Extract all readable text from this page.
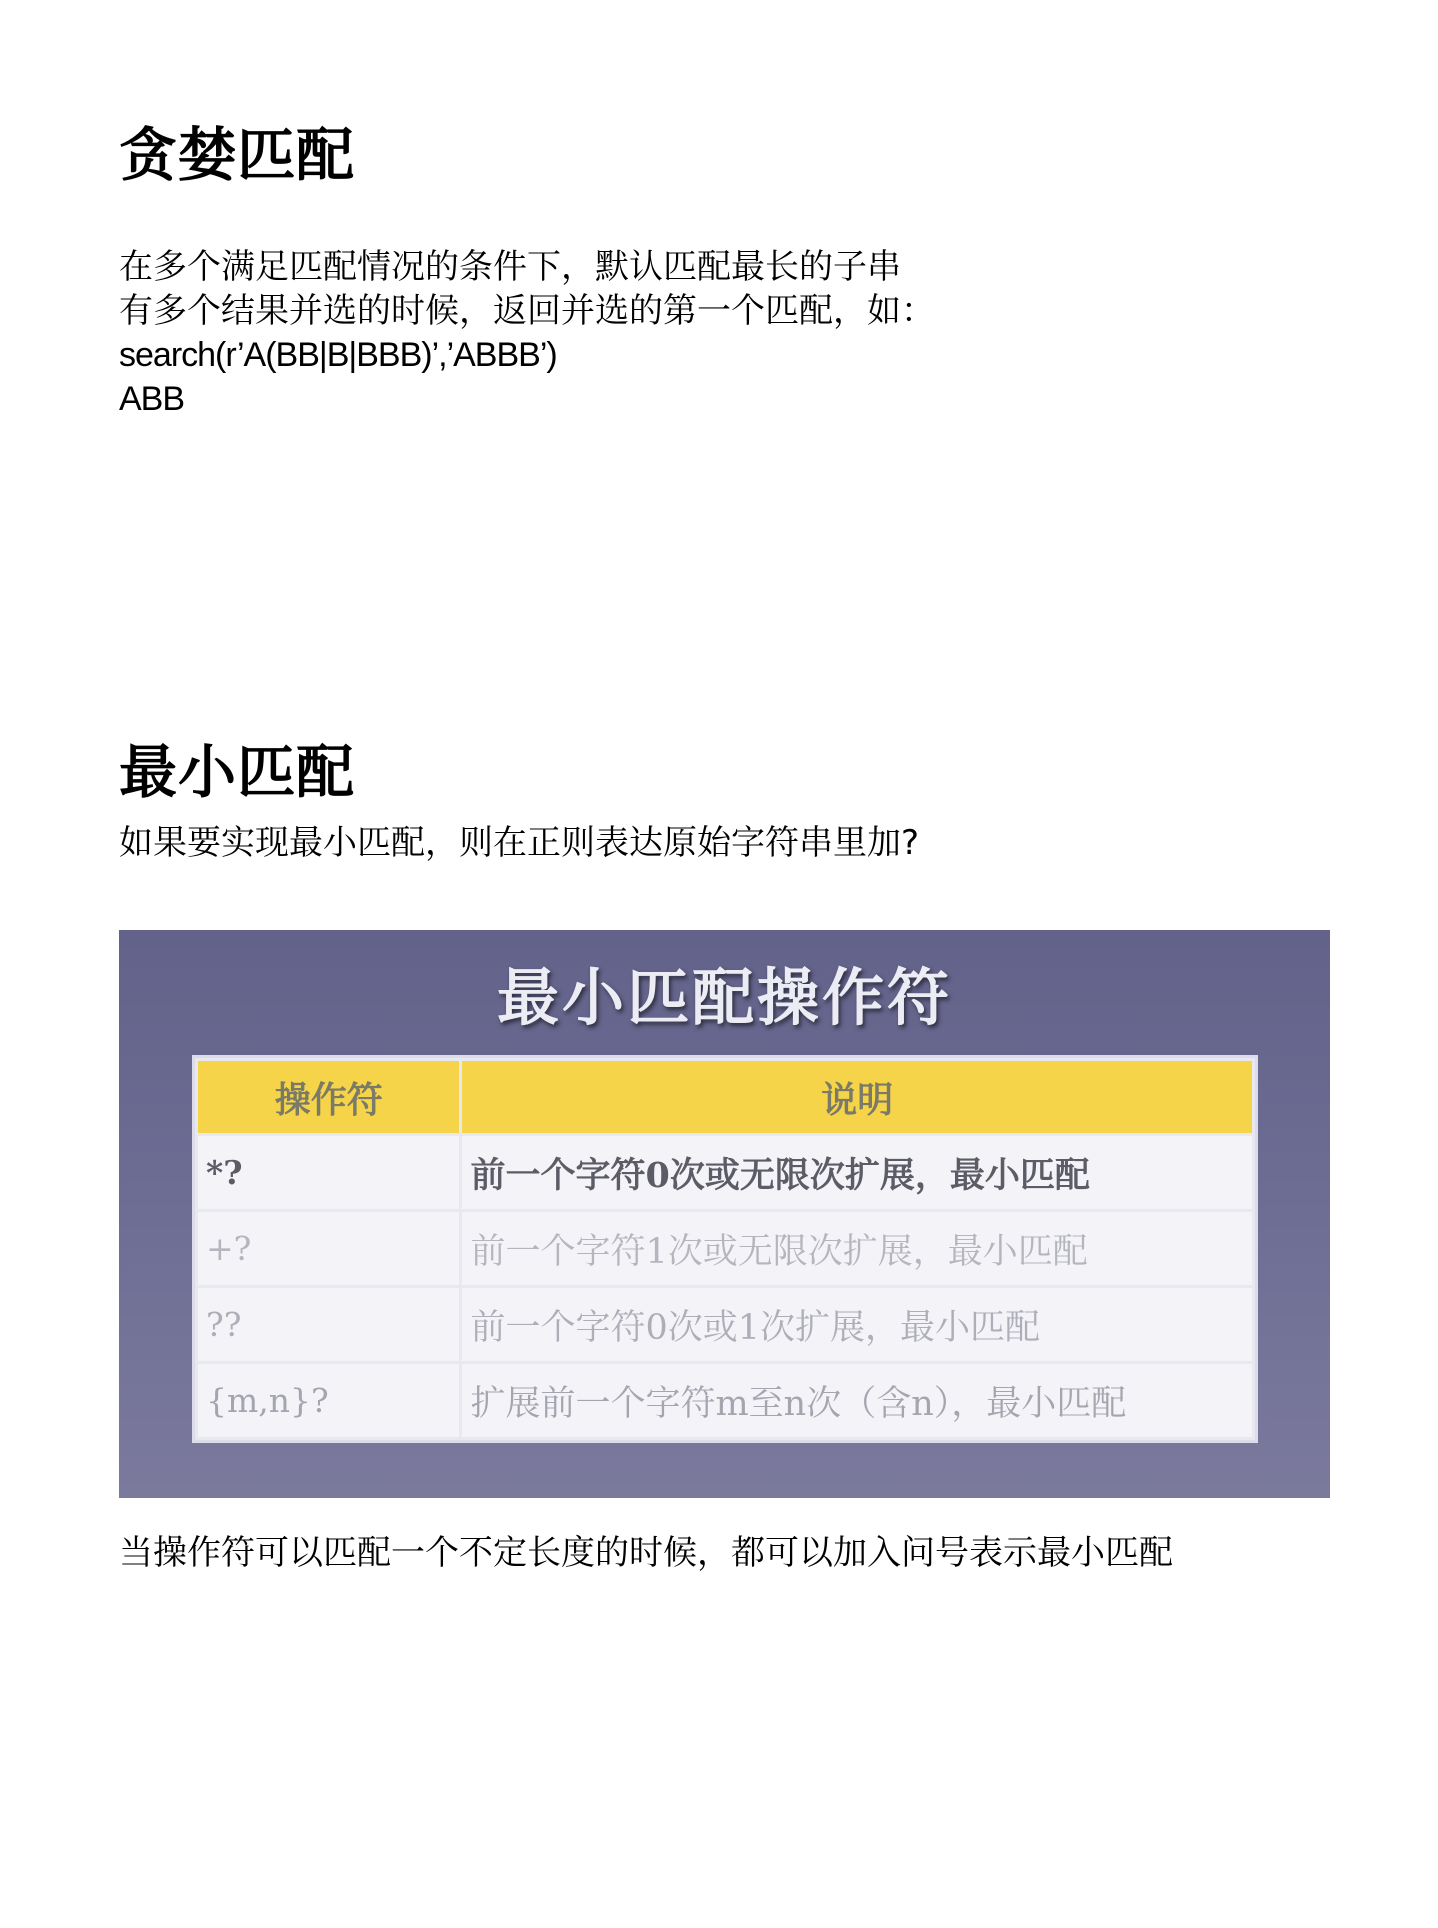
贪婪匹配
在多个满足匹配情况的条件下，默认匹配最长的子串
有多个结果并选的时候，返回并选的第一个匹配，如：
search(r’A(BB|B|BBB)’,’ABBB’)
ABB
最小匹配
如果要实现最小匹配，则在正则表达原始字符串里加?
最小匹配操作符
操作符	说明
*?	前一个字符0次或无限次扩展，最小匹配
+?	前一个字符1次或无限次扩展，最小匹配
??	前一个字符0次或1次扩展，最小匹配
{m,n}?	扩展前一个字符m至n次（含n），最小匹配
当操作符可以匹配一个不定长度的时候，都可以加入问号表示最小匹配
